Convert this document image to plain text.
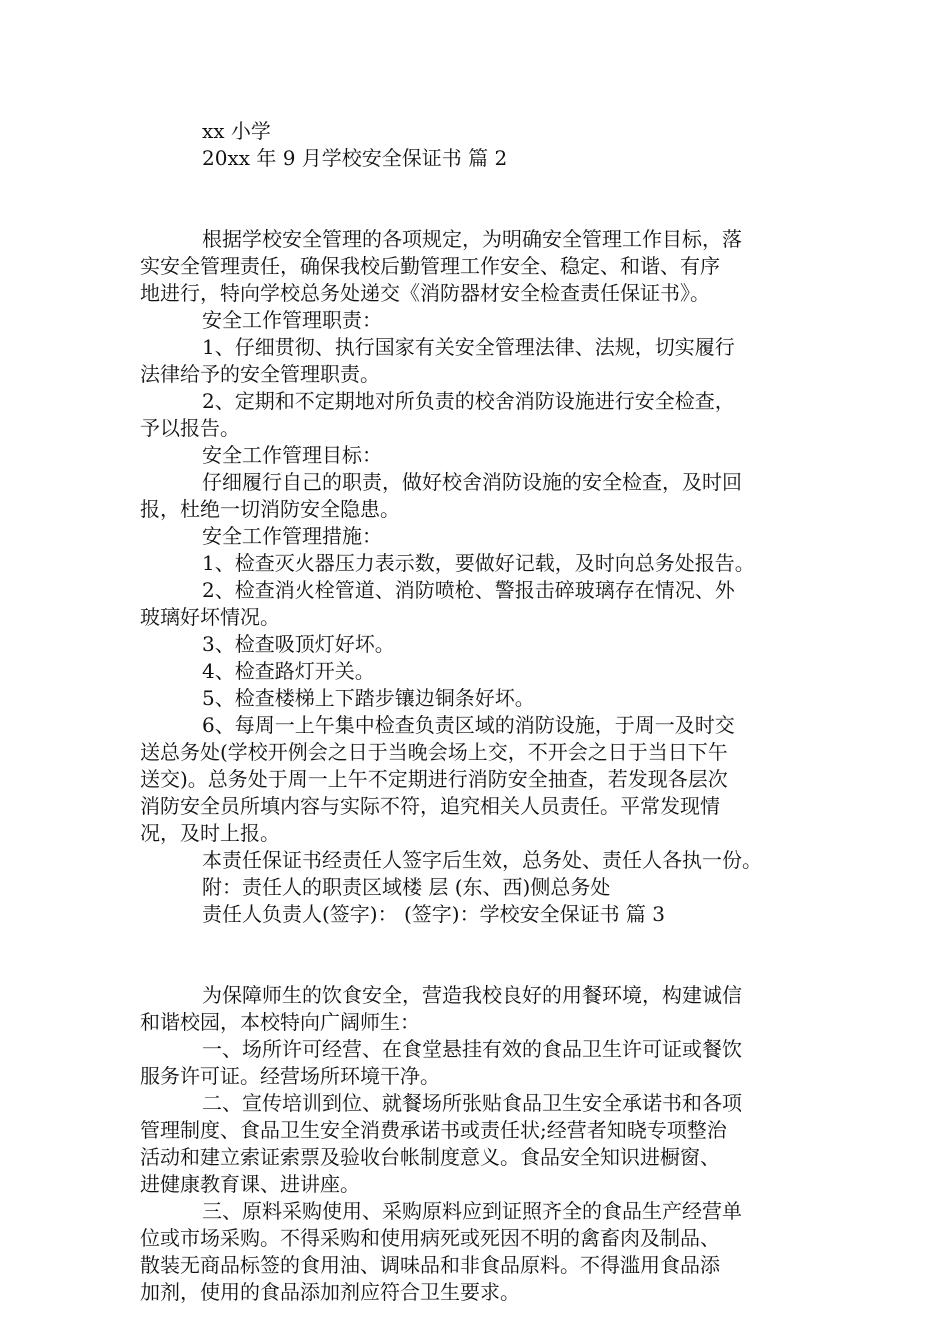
xx 小学
20xx 年 9 月学校安全保证书 篇 2
根据学校安全管理的各项规定，为明确安全管理工作目标，落
实安全管理责任，确保我校后勤管理工作安全、稳定、和谐、有序
地进行，特向学校总务处递交《消防器材安全检查责任保证书》。
安全工作管理职责：
1、仔细贯彻、执行国家有关安全管理法律、法规，切实履行
法律给予的安全管理职责。
2、定期和不定期地对所负责的校舍消防设施进行安全检查，
予以报告。
安全工作管理目标：
仔细履行自己的职责，做好校舍消防设施的安全检查，及时回
报，杜绝一切消防安全隐患。
安全工作管理措施：
1、检查灭火器压力表示数，要做好记载，及时向总务处报告。
2、检查消火栓管道、消防喷枪、警报击碎玻璃存在情况、外
玻璃好坏情况。
3、检查吸顶灯好坏。
4、检查路灯开关。
5、检查楼梯上下踏步镶边铜条好坏。
6、每周一上午集中检查负责区域的消防设施，于周一及时交
送总务处(学校开例会之日于当晚会场上交，不开会之日于当日下午
送交)。总务处于周一上午不定期进行消防安全抽查，若发现各层次
消防安全员所填内容与实际不符，追究相关人员责任。平常发现情
况，及时上报。
本责任保证书经责任人签字后生效，总务处、责任人各执一份。
附：责任人的职责区域楼 层 (东、西)侧总务处
责任人负责人(签字)： (签字)：学校安全保证书 篇 3
为保障师生的饮食安全，营造我校良好的用餐环境，构建诚信
和谐校园，本校特向广阔师生：
一、场所许可经营、在食堂悬挂有效的食品卫生许可证或餐饮
服务许可证。经营场所环境干净。
二、宣传培训到位、就餐场所张贴食品卫生安全承诺书和各项
管理制度、食品卫生安全消费承诺书或责任状;经营者知晓专项整治
活动和建立索证索票及验收台帐制度意义。食品安全知识进橱窗、
进健康教育课、进讲座。
三、原料采购使用、采购原料应到证照齐全的食品生产经营单
位或市场采购。不得采购和使用病死或死因不明的禽畜肉及制品、
散装无商品标签的食用油、调味品和非食品原料。不得滥用食品添
加剂，使用的食品添加剂应符合卫生要求。
